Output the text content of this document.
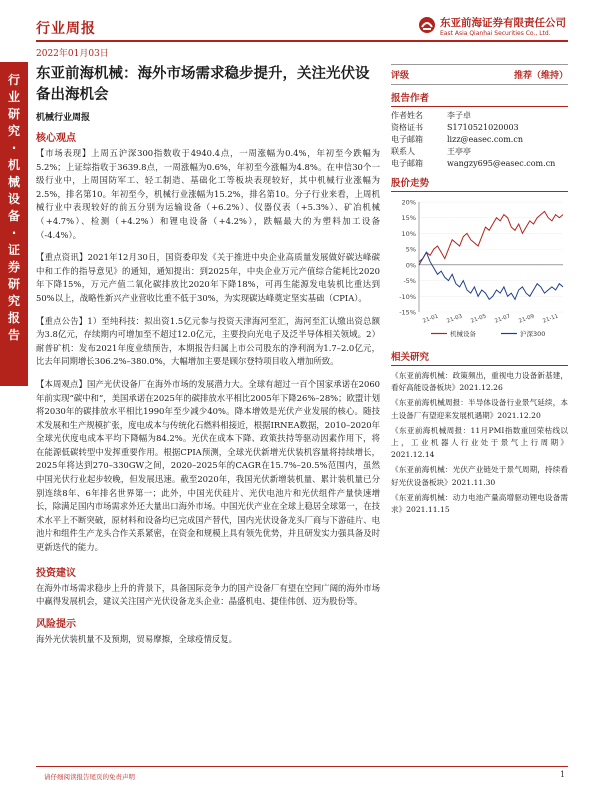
行业周报	东亚前海证券有限责任公司
East Asia Qianhai Securities Co., Ltd.
2022年01月03日
行业研究·机械设备·证券研究报告
东亚前海机械：海外市场需求稳步提升，关注光伏设备出海机会
机械行业周报
核心观点
【市场表现】上周五沪深300指数收于4940.4点，一周涨幅为0.4%，年初至今跌幅为5.2%；上证综指收于3639.8点，一周涨幅为0.6%，年初至今涨幅为4.8%。在申信30个一级行业中，上周国防军工、轻工制造、基础化工等板块表现较好，其中机械行业涨幅为2.5%，排名第10。年初至今，机械行业涨幅为15.2%，排名第10。分子行业来看，上周机械行业中表现较好的前五分别为运输设备（+6.2%）、仪器仪表（+5.3%）、矿冶机械（+4.7%）、检测（+4.2%）和锂电设备（+4.2%），跌幅最大的为塑料加工设备（-4.4%）。
【重点资讯】2021年12月30日，国资委印发《关于推进中央企业高质量发展做好碳达峰碳中和工作的指导意见》的通知，通知提出：到2025年，中央企业万元产值综合能耗比2020年下降15%，万元产值二氧化碳排放比2020年下降18%，可再生能源发电装机比重达到50%以上，战略性新兴产业营收比重不低于30%，为实现碳达峰奠定坚实基础（CPIA）。
【重点公告】1）至纯科技：拟出资1.5亿元参与投资天津海河至汇，海河至汇认缴出资总额为3.8亿元，存续期内可增加至不超过12.0亿元，主要投向光电子及泛半导体相关领域。2）耐普矿机：发布2021年度业绩预告，本期报告归属上市公司股东的净利润为1.7–2.0亿元，比去年同期增长306.2%–380.0%，大幅增加主要是顾尔登特项目收入增加所致。
【本周观点】国产光伏设备厂在海外市场的发展潜力大。全球有超过一百个国家承诺在2060年前实现“碳中和”，美国承诺在2025年的碳排放水平相比2005年下降26%–28%；欧盟计划将2030年的碳排放水平相比1990年至少减少40%。降本增效是光伏产业发展的核心。随技术发展和生产规模扩张，度电成本与传统化石燃料相接近，根据IRNEA数据，2010–2020年全球光伏度电成本平均下降幅为84.2%。光伏在成本下降、政策扶持等驱动因素作用下，将在能源低碳转型中发挥重要作用。根据CPIA预测，全球光伏新增光伏装机容量将持续增长，2025年将达到270–330GW之间，2020–2025年的CAGR在15.7%–20.5%范围内，虽然中国光伏行业起步较晚，但发展迅速。截至2020年，我国光伏新增装机量、累计装机量已分别连续8年、6年排名世界第一；此外，中国光伏硅片、光伏电池片和光伏组件产量快速增长，除满足国内市场需求外还大量出口海外市场。中国光伏产业在全球上稳居全球第一，在技术水平上不断突破，原材料和设备均已完成国产替代，国内光伏设备龙头厂商与下游硅片、电池片和组件生产龙头合作关系紧密，在资金和规模上具有领先优势，并且研发实力强具备及时更新迭代的能力。
投资建议
在海外市场需求稳步上升的背景下，具备国际竞争力的国产设备厂有望在空间广阔的海外市场中赢得发展机会，建议关注国产光伏设备龙头企业：晶盛机电、捷佳伟创、迈为股份等。
风险提示
海外光伏装机量不及预期，贸易摩擦，全球疫情反复。
评级	推荐（维持）
报告作者
作者姓名	李子卓
资格证书	S1710521020003
电子邮箱	lizz@easec.com.cn
联系人	王亭亭
电子邮箱	wangzy695@easec.com.cn
股价走势
20%
15%
10%
5%
0%
-5%
-10%
-15%
21-01 21-03 21-05 21-07 21-09 21-11
机械设备	沪深300
相关研究
《东亚前海机械：政策频出，重视电力设备新基建，看好高能设备板块》2021.12.26
《东亚前海机械周报：半导体设备行业景气延续，本土设备厂有望迎来发展机遇期》2021.12.20
《东亚前海机械周报：11月PMI指数重回荣枯线以上，工业机器人行业处于景气上行周期》2021.12.14
《东亚前海机械：光伏产业链处于景气周期，持续看好光伏设备板块》2021.11.30
《东亚前海机械：动力电池产量高增驱动锂电设备需求》2021.11.15
请仔细阅读报告尾页的免责声明	1
